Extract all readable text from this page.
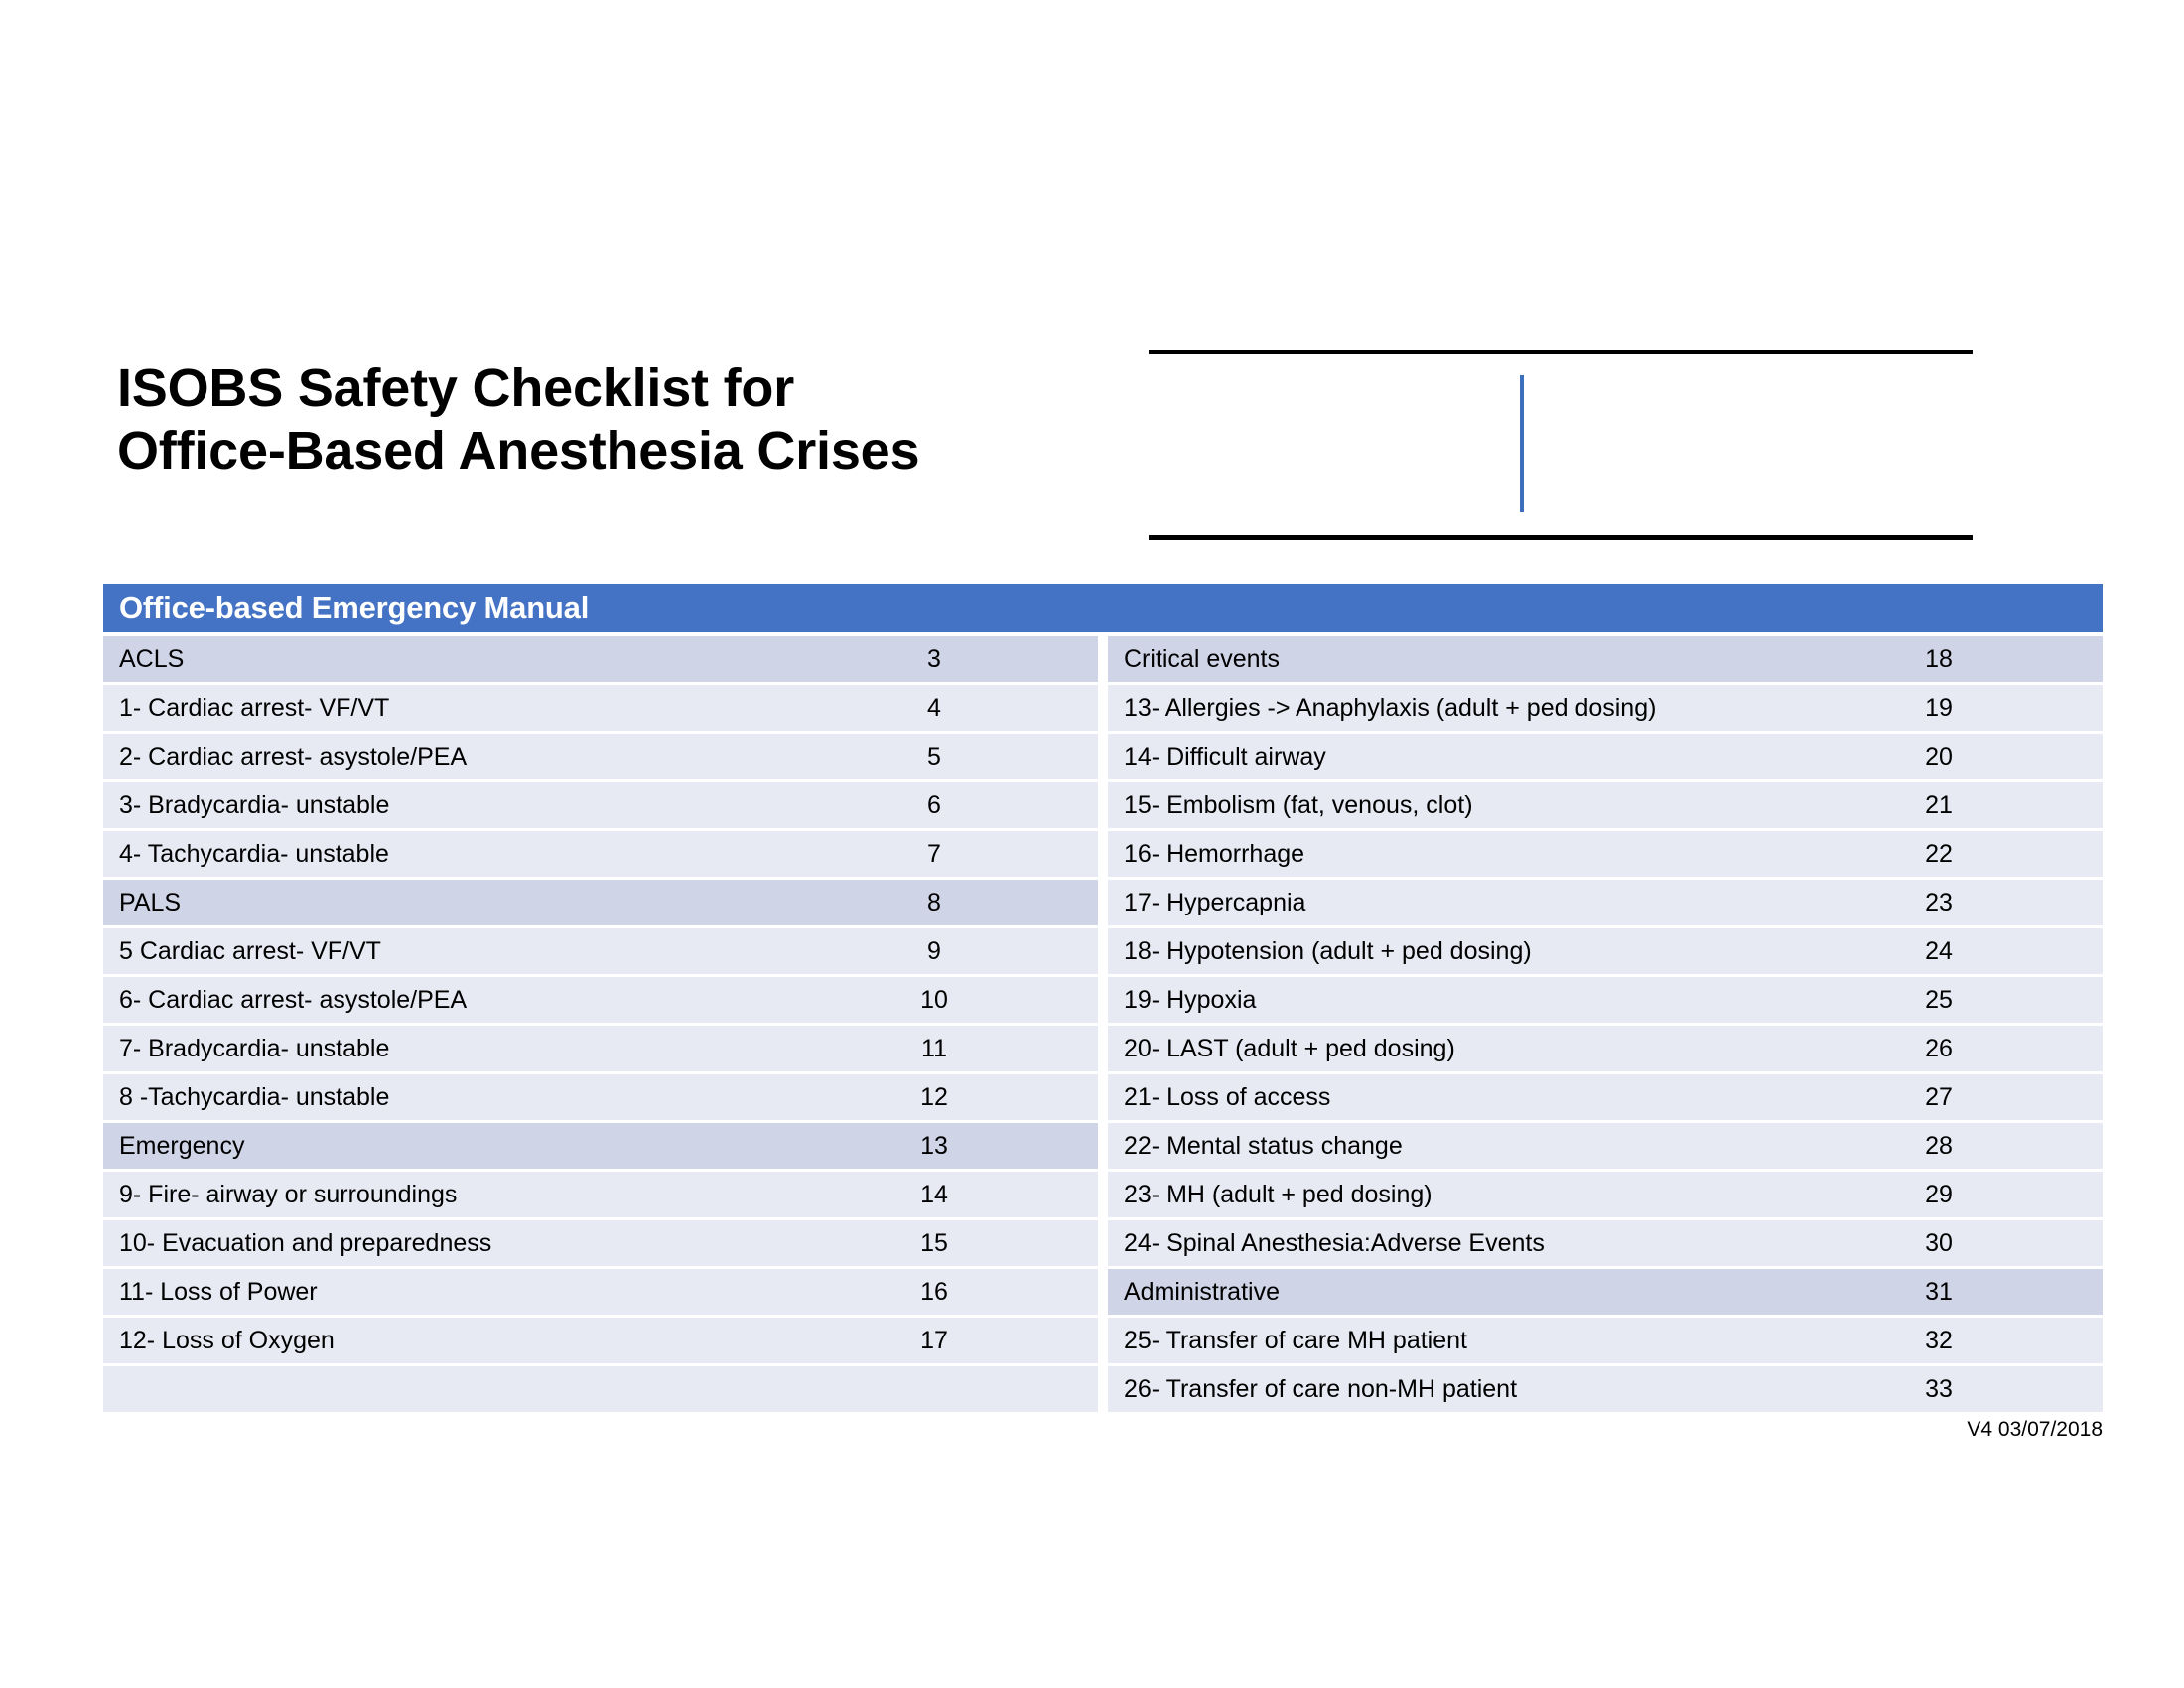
ISOBS Safety Checklist for
Office-Based Anesthesia Crises
Office-based Emergency Manual
ACLS	3
1- Cardiac arrest- VF/VT	4
2- Cardiac arrest- asystole/PEA	5
3- Bradycardia- unstable	6
4- Tachycardia- unstable	7
PALS	8
5 Cardiac arrest- VF/VT	9
6- Cardiac arrest- asystole/PEA	10
7- Bradycardia- unstable	11
8 -Tachycardia- unstable	12
Emergency	13
9- Fire- airway or surroundings	14
10- Evacuation and preparedness	15
11- Loss of Power	16
12- Loss of Oxygen	17
Critical events	18
13- Allergies -> Anaphylaxis (adult + ped dosing)	19
14- Difficult airway	20
15- Embolism (fat, venous, clot)	21
16- Hemorrhage	22
17- Hypercapnia	23
18- Hypotension (adult + ped dosing)	24
19- Hypoxia	25
20- LAST (adult + ped dosing)	26
21- Loss of access	27
22- Mental status change	28
23- MH (adult + ped dosing)	29
24- Spinal Anesthesia:Adverse Events	30
Administrative	31
25- Transfer of care MH patient	32
26- Transfer of care non-MH patient	33
V4 03/07/2018
